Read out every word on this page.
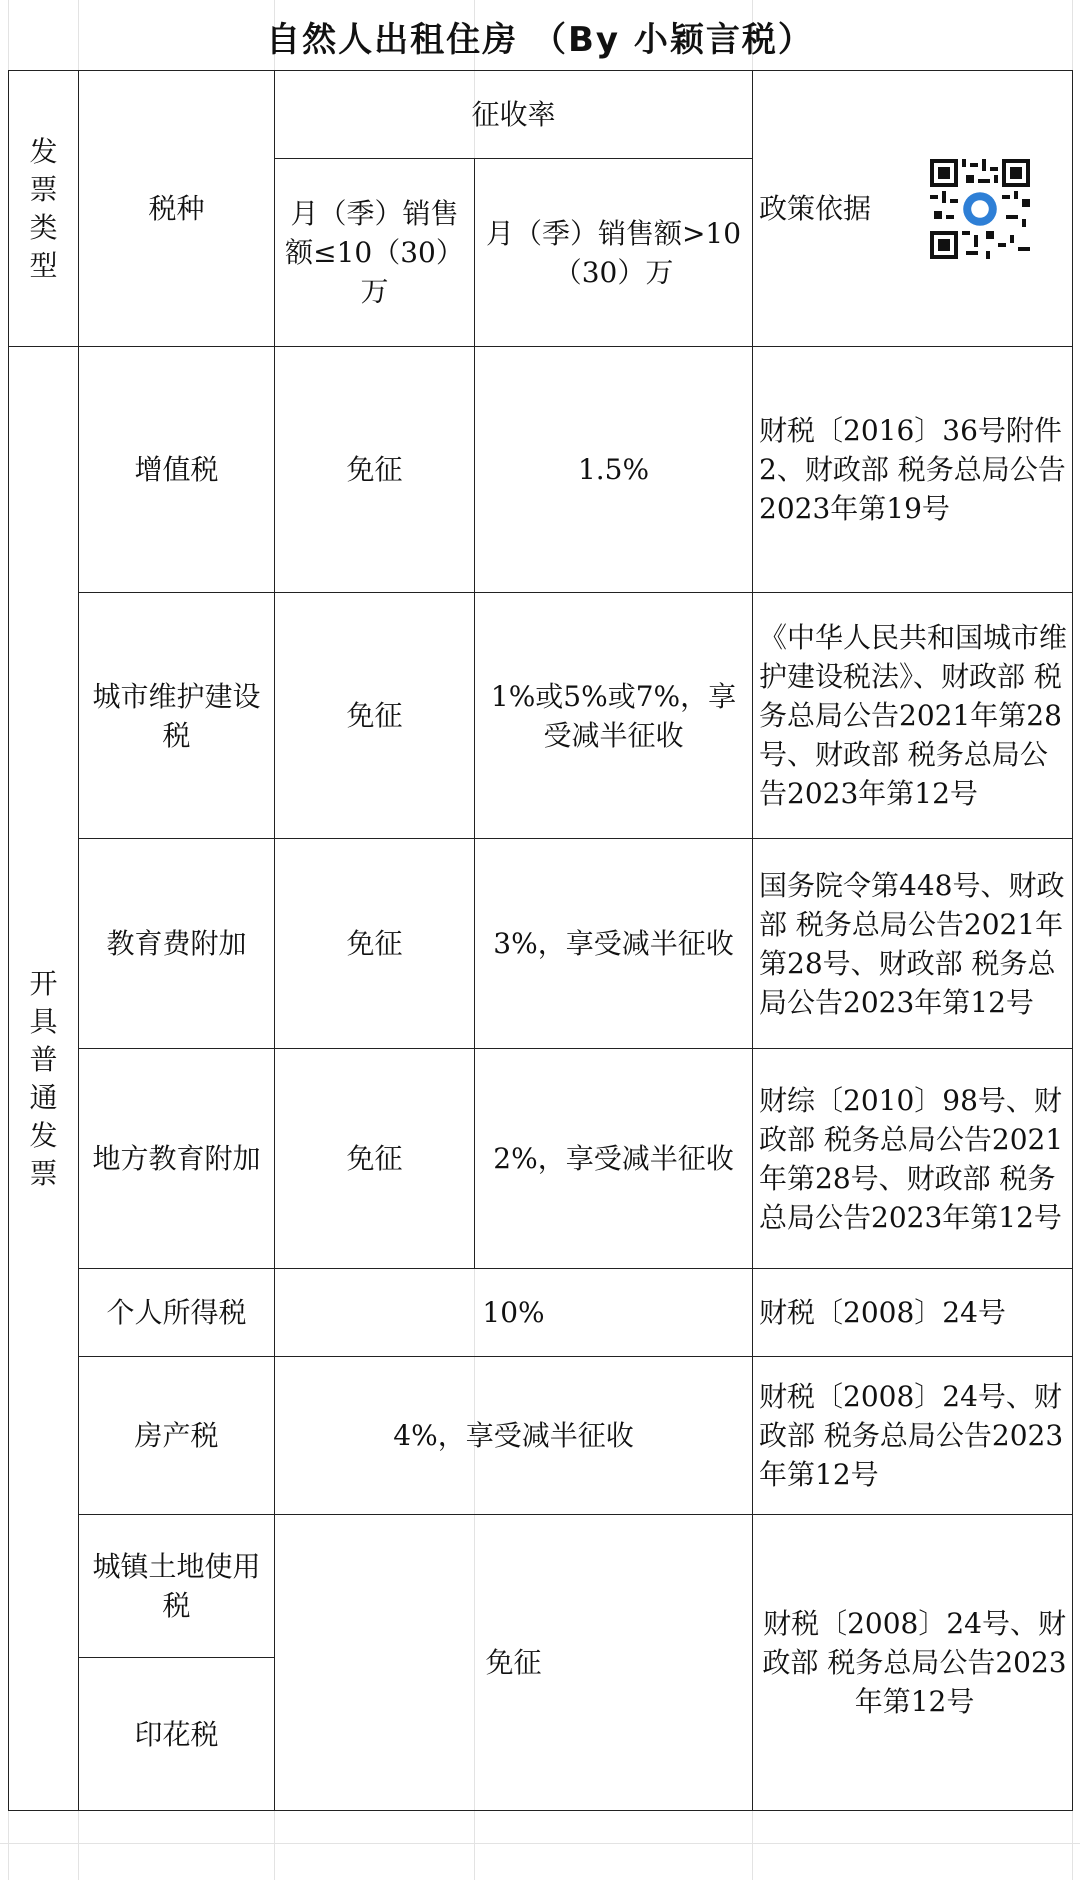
自然人出租住房 （By 小颖言税）
发票类型	税种	征收率		政策依据

		月（季）销售额≤10（30）万	月（季）销售额>10（30）万	
开具普通发票	增值税	免征	1.5%	财税〔2016〕36号附件2、财政部 税务总局公告2023年第19号
	城市维护建设税	免征	1%或5%或7%，享受减半征收	《中华人民共和国城市维护建设税法》、财政部 税务总局公告2021年第28号、财政部 税务总局公告2023年第12号
	教育费附加	免征	3%，享受减半征收	国务院令第448号、财政部 税务总局公告2021年第28号、财政部 税务总局公告2023年第12号
	地方教育附加	免征	2%，享受减半征收	财综〔2010〕98号、财政部 税务总局公告2021年第28号、财政部 税务总局公告2023年第12号
	个人所得税	10%		财税〔2008〕24号
	房产税	4%，享受减半征收		财税〔2008〕24号、财政部 税务总局公告2023年第12号
	城镇土地使用税	免征		财税〔2008〕24号、财政部 税务总局公告2023年第12号
	印花税			
